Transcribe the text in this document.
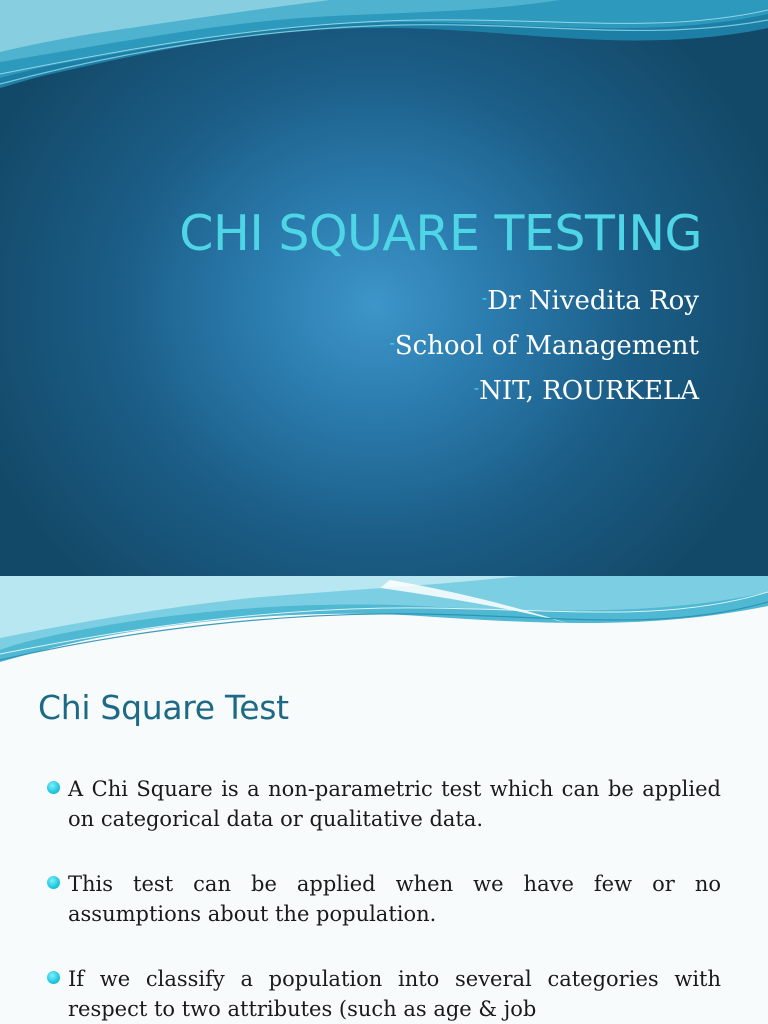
CHI SQUARE TESTING
-Dr Nivedita Roy
-School of Management
-NIT, ROURKELA
Chi Square Test
A Chi Square is a non-parametric test which can be applied on categorical data or qualitative data.
This test can be applied when we have few or no assumptions about the population.
If we classify a population into several categories with respect to two attributes (such as age & job
